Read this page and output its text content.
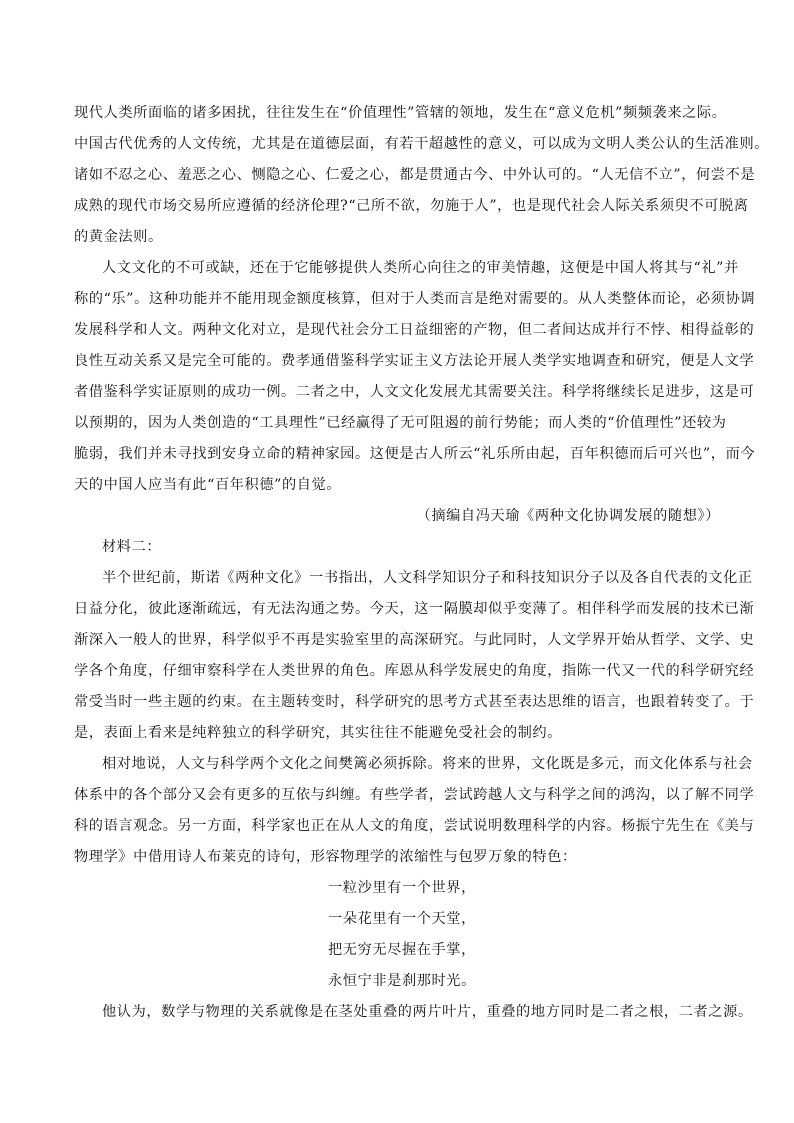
现代人类所面临的诸多困扰，往往发生在“价值理性”管辖的领地，发生在“意义危机”频频袭来之际。
中国古代优秀的人文传统，尤其是在道德层面，有若干超越性的意义，可以成为文明人类公认的生活准则。
诸如不忍之心、羞恶之心、恻隐之心、仁爱之心，都是贯通古今、中外认可的。“人无信不立”，何尝不是
成熟的现代市场交易所应遵循的经济伦理?“己所不欲，勿施于人”，也是现代社会人际关系须臾不可脱离
的黄金法则。
人文文化的不可或缺，还在于它能够提供人类所心向往之的审美情趣，这便是中国人将其与“礼”并
称的“乐”。这种功能并不能用现金额度核算，但对于人类而言是绝对需要的。从人类整体而论，必须协调
发展科学和人文。两种文化对立，是现代社会分工日益细密的产物，但二者间达成并行不悖、相得益彰的
良性互动关系又是完全可能的。费孝通借鉴科学实证主义方法论开展人类学实地调查和研究，便是人文学
者借鉴科学实证原则的成功一例。二者之中，人文文化发展尤其需要关注。科学将继续长足进步，这是可
以预期的，因为人类创造的“工具理性”已经赢得了无可阻遏的前行势能；而人类的“价值理性”还较为
脆弱，我们并未寻找到安身立命的精神家园。这便是古人所云“礼乐所由起，百年积德而后可兴也”，而今
天的中国人应当有此“百年积德”的自觉。
（摘编自冯天瑜《两种文化协调发展的随想》）
材料二：
半个世纪前，斯诺《两种文化》一书指出，人文科学知识分子和科技知识分子以及各自代表的文化正
日益分化，彼此逐渐疏远，有无法沟通之势。今天，这一隔膜却似乎变薄了。相伴科学而发展的技术已渐
渐深入一般人的世界，科学似乎不再是实验室里的高深研究。与此同时，人文学界开始从哲学、文学、史
学各个角度，仔细审察科学在人类世界的角色。库恩从科学发展史的角度，指陈一代又一代的科学研究经
常受当时一些主题的约束。在主题转变时，科学研究的思考方式甚至表达思维的语言，也跟着转变了。于
是，表面上看来是纯粹独立的科学研究，其实往往不能避免受社会的制约。
相对地说，人文与科学两个文化之间樊篱必须拆除。将来的世界，文化既是多元，而文化体系与社会
体系中的各个部分又会有更多的互依与纠缠。有些学者，尝试跨越人文与科学之间的鸿沟，以了解不同学
科的语言观念。另一方面，科学家也正在从人文的角度，尝试说明数理科学的内容。杨振宁先生在《美与
物理学》中借用诗人布莱克的诗句，形容物理学的浓缩性与包罗万象的特色：
一粒沙里有一个世界，
一朵花里有一个天堂，
把无穷无尽握在手掌，
永恒宁非是刹那时光。
他认为，数学与物理的关系就像是在茎处重叠的两片叶片，重叠的地方同时是二者之根，二者之源。
